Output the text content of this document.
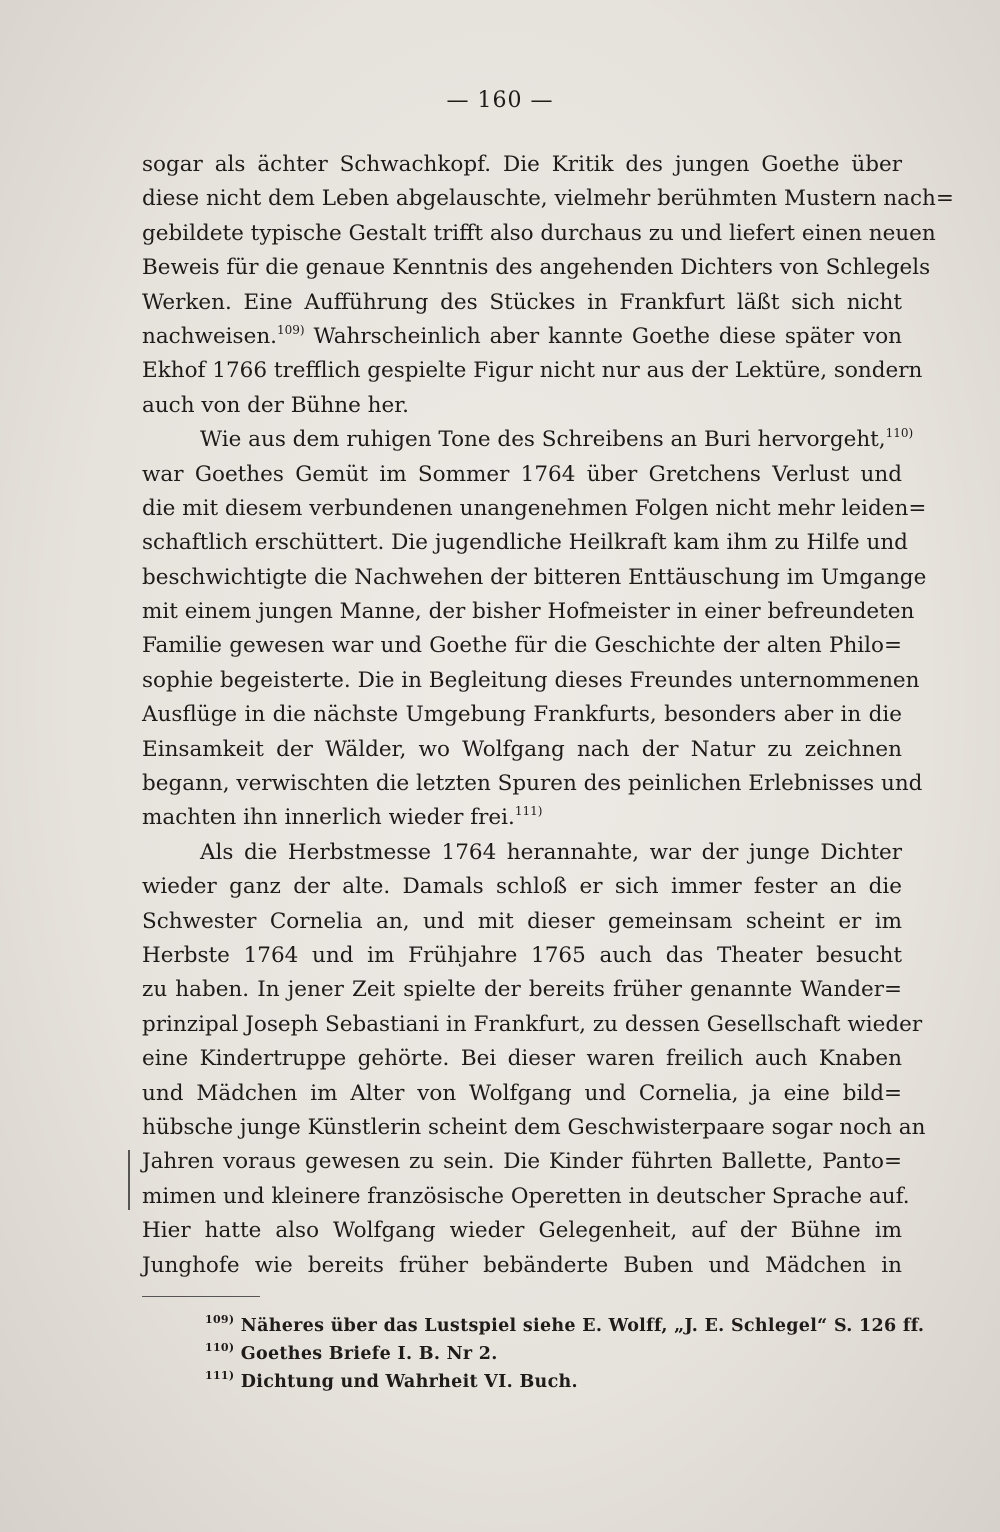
— 160 —
sogar als ächter Schwachkopf. Die Kritik des jungen Goethe über
diese nicht dem Leben abgelauschte, vielmehr berühmten Mustern nach=
gebildete typische Gestalt trifft also durchaus zu und liefert einen neuen
Beweis für die genaue Kenntnis des angehenden Dichters von Schlegels
Werken. Eine Aufführung des Stückes in Frankfurt läßt sich nicht
nachweisen.$^{109)}$ Wahrscheinlich aber kannte Goethe diese später von
Ekhof 1766 trefflich gespielte Figur nicht nur aus der Lektüre, sondern
auch von der Bühne her.
Wie aus dem ruhigen Tone des Schreibens an Buri hervorgeht,$^{110)}$
war Goethes Gemüt im Sommer 1764 über Gretchens Verlust und
die mit diesem verbundenen unangenehmen Folgen nicht mehr leiden=
schaftlich erschüttert. Die jugendliche Heilkraft kam ihm zu Hilfe und
beschwichtigte die Nachwehen der bitteren Enttäuschung im Umgange
mit einem jungen Manne, der bisher Hofmeister in einer befreundeten
Familie gewesen war und Goethe für die Geschichte der alten Philo=
sophie begeisterte. Die in Begleitung dieses Freundes unternommenen
Ausflüge in die nächste Umgebung Frankfurts, besonders aber in die
Einsamkeit der Wälder, wo Wolfgang nach der Natur zu zeichnen
begann, verwischten die letzten Spuren des peinlichen Erlebnisses und
machten ihn innerlich wieder frei.$^{111)}$
Als die Herbstmesse 1764 herannahte, war der junge Dichter
wieder ganz der alte. Damals schloß er sich immer fester an die
Schwester Cornelia an, und mit dieser gemeinsam scheint er im
Herbste 1764 und im Frühjahre 1765 auch das Theater besucht
zu haben. In jener Zeit spielte der bereits früher genannte Wander=
prinzipal Joseph Sebastiani in Frankfurt, zu dessen Gesellschaft wieder
eine Kindertruppe gehörte. Bei dieser waren freilich auch Knaben
und Mädchen im Alter von Wolfgang und Cornelia, ja eine bild=
hübsche junge Künstlerin scheint dem Geschwisterpaare sogar noch an
Jahren voraus gewesen zu sein. Die Kinder führten Ballette, Panto=
mimen und kleinere französische Operetten in deutscher Sprache auf.
Hier hatte also Wolfgang wieder Gelegenheit, auf der Bühne im
Junghofe wie bereits früher bebänderte Buben und Mädchen in
$^{109)}$ Näheres über das Lustspiel siehe E. Wolff, „J. E. Schlegel“ S. 126 ff.
$^{110)}$ Goethes Briefe I. B. Nr 2.
$^{111)}$ Dichtung und Wahrheit VI. Buch.
